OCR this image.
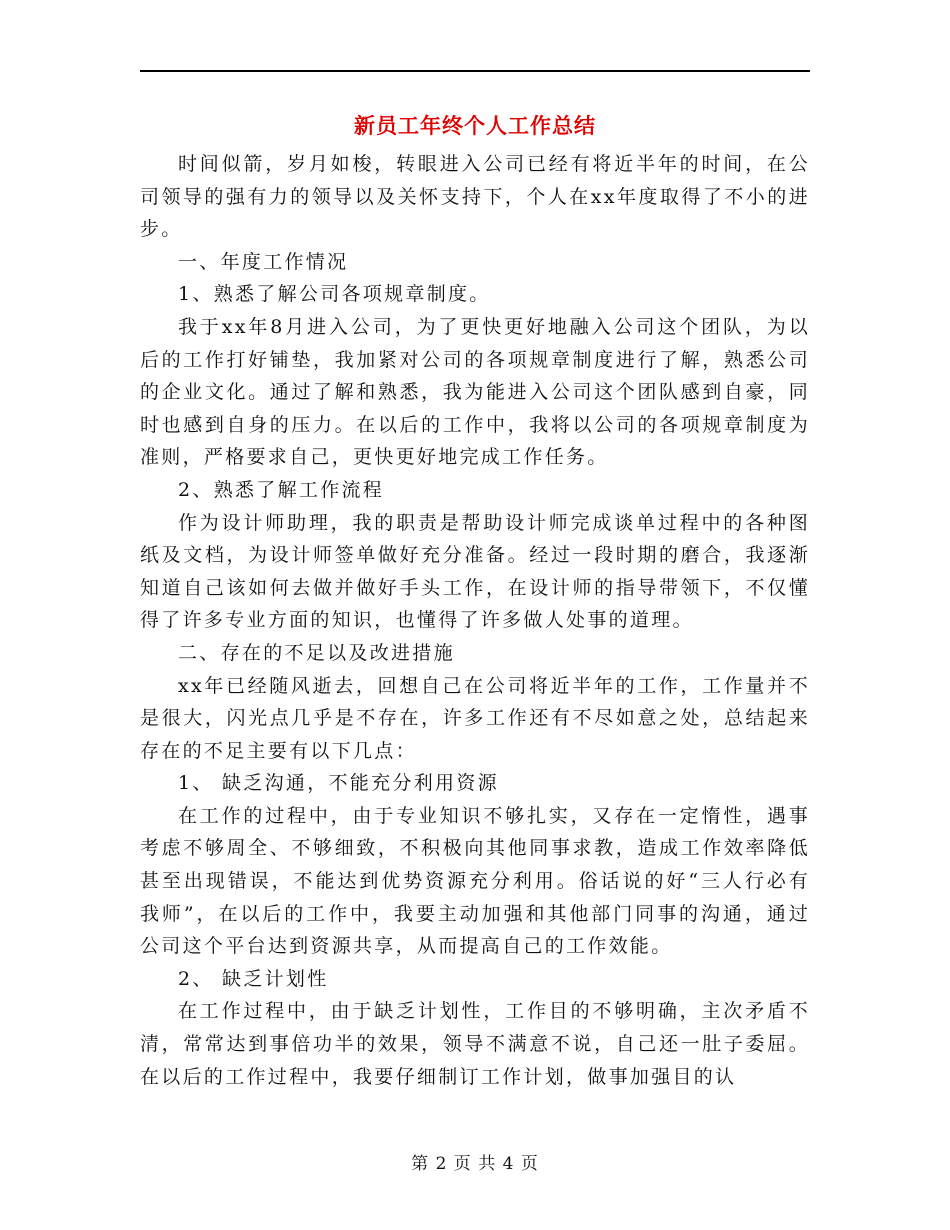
新员工年终个人工作总结

时间似箭，岁月如梭，转眼进入公司已经有将近半年的时间，在公司领导的强有力的领导以及关怀支持下，个人在xx年度取得了不小的进步。

一、年度工作情况

1、熟悉了解公司各项规章制度。

我于xx年8月进入公司，为了更快更好地融入公司这个团队，为以后的工作打好铺垫，我加紧对公司的各项规章制度进行了解，熟悉公司的企业文化。通过了解和熟悉，我为能进入公司这个团队感到自豪，同时也感到自身的压力。在以后的工作中，我将以公司的各项规章制度为准则，严格要求自己，更快更好地完成工作任务。

2、熟悉了解工作流程

作为设计师助理，我的职责是帮助设计师完成谈单过程中的各种图纸及文档，为设计师签单做好充分准备。经过一段时期的磨合，我逐渐知道自己该如何去做并做好手头工作，在设计师的指导带领下，不仅懂得了许多专业方面的知识，也懂得了许多做人处事的道理。

二、存在的不足以及改进措施

xx年已经随风逝去，回想自己在公司将近半年的工作，工作量并不是很大，闪光点几乎是不存在，许多工作还有不尽如意之处，总结起来存在的不足主要有以下几点：

1、 缺乏沟通，不能充分利用资源

在工作的过程中，由于专业知识不够扎实，又存在一定惰性，遇事考虑不够周全、不够细致，不积极向其他同事求教，造成工作效率降低甚至出现错误，不能达到优势资源充分利用。俗话说的好“三人行必有我师”，在以后的工作中，我要主动加强和其他部门同事的沟通，通过公司这个平台达到资源共享，从而提高自己的工作效能。

2、 缺乏计划性

在工作过程中，由于缺乏计划性，工作目的不够明确，主次矛盾不清，常常达到事倍功半的效果，领导不满意不说，自己还一肚子委屈。在以后的工作过程中，我要仔细制订工作计划，做事加强目的认

第 2 页 共 4 页
